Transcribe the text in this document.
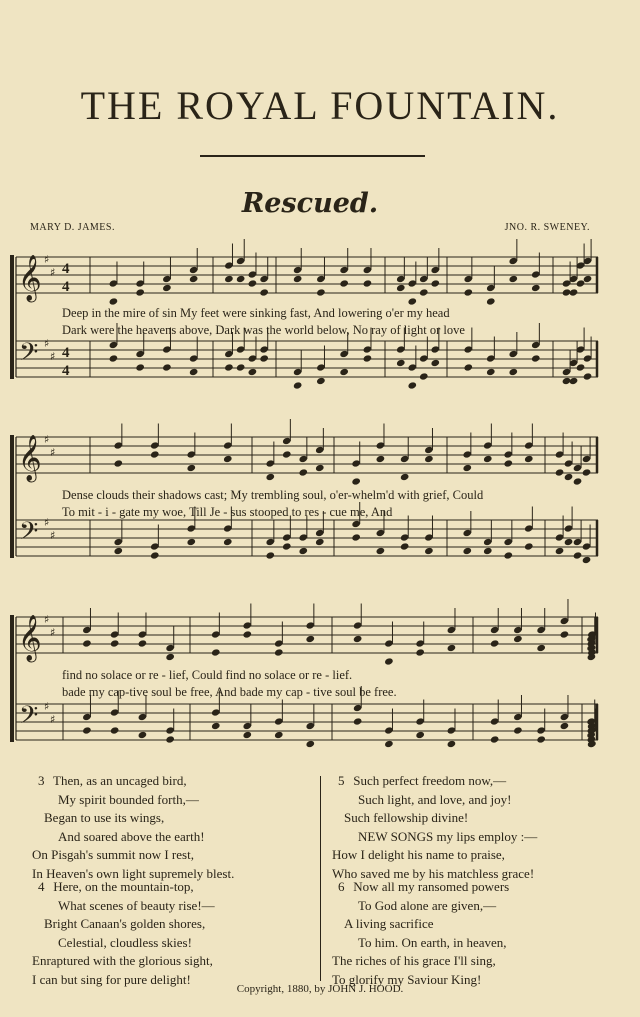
THE ROYAL FOUNTAIN.
Rescued.
MARY D. JAMES.	JNO. R. SWENEY.
𝄞
𝄢
♯
♯
♯
♯
4
4
4
4
𝄞
𝄢
♯
♯
♯
♯
𝄞
𝄢
♯
♯
♯
♯
Deep in the mire of sin My feet were sinking fast, And lowering o'er my head
Dark were the heavens above, Dark was the world below, No ray of light or love
Dense clouds their shadows cast; My trembling soul, o'er-whelm'd with grief, Could
To mit - i - gate my woe, Till Je - sus stooped to res - cue me, And
find no solace or re - lief, Could find no solace or re - lief.
bade my cap-tive soul be free, And bade my cap - tive soul be free.
3 Then, as an uncaged bird,
My spirit bounded forth,—
Began to use its wings,
And soared above the earth!
On Pisgah's summit now I rest,
In Heaven's own light supremely blest.
4 Here, on the mountain-top,
What scenes of beauty rise!—
Bright Canaan's golden shores,
Celestial, cloudless skies!
Enraptured with the glorious sight,
I can but sing for pure delight!
5 Such perfect freedom now,—
Such light, and love, and joy!
Such fellowship divine!
NEW SONGS my lips employ :—
How I delight his name to praise,
Who saved me by his matchless grace!
6 Now all my ransomed powers
To God alone are given,—
A living sacrifice
To him. On earth, in heaven,
The riches of his grace I'll sing,
To glorify my Saviour King!
Copyright, 1880, by JOHN J. HOOD.
